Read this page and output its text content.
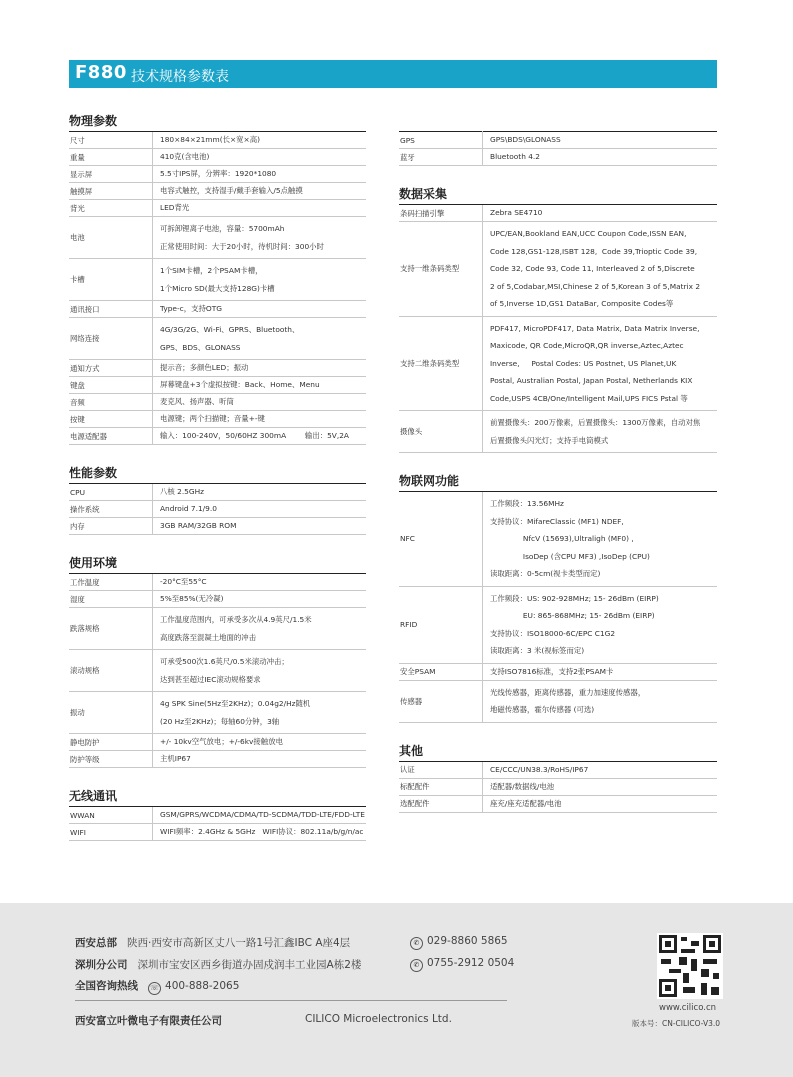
F880 技术规格参数表
物理参数
尺寸	180×84×21mm(长×宽×高)

重量	410克(含电池)

显示屏	5.5寸IPS屏，分辨率：1920*1080

触摸屏	电容式触控，支持湿手/戴手套输入/5点触摸

背光	LED背光

电池	可拆卸锂离子电池，容量：5700mAh
正常使用时间：大于20小时，待机时间：300小时

卡槽	1个SIM卡槽，2个PSAM卡槽，
1个Micro SD(最大支持128G)卡槽

通讯接口	Type-c，支持OTG

网络连接	4G/3G/2G、Wi-Fi、GPRS、Bluetooth、
GPS、BDS、GLONASS

通知方式	提示音；多颜色LED；振动

键盘	屏幕键盘+3个虚拟按键：Back、Home、Menu

音频	麦克风、扬声器、听筒

按键	电源键；两个扫描键；音量+-键

电源适配器	输入：100-240V，50/60HZ 300mA        输出：5V,2A
性能参数
CPU	八核 2.5GHz

操作系统	Android 7.1/9.0

内存	3GB RAM/32GB ROM
使用环境
工作温度	-20°C至55°C

湿度	5%至85%(无冷凝)

跌落规格	工作温度范围内，可承受多次从4.9英尺/1.5米
高度跌落至混凝土地面的冲击

滚动规格	可承受500次1.6英尺/0.5米滚动冲击；
达到甚至超过IEC滚动规格要求

振动	4g SPK Sine(5Hz至2KHz)；0.04g2/Hz随机
(20 Hz至2KHz)；每轴60分钟，3轴

静电防护	+/- 10kv空气放电；+/-6kv接触放电

防护等级	主机IP67
无线通讯
WWAN	GSM/GPRS/WCDMA/CDMA/TD-SCDMA/TDD-LTE/FDD-LTE

WIFI	WIFI频率：2.4GHz & 5GHz   WIFI协议：802.11a/b/g/n/ac
GPS	GPS\BDS\GLONASS

蓝牙	Bluetooth 4.2
数据采集
条码扫描引擎	Zebra SE4710

支持一维条码类型	UPC/EAN,Bookland EAN,UCC Coupon Code,ISSN EAN,
Code 128,GS1-128,ISBT 128,  Code 39,Trioptic Code 39,
Code 32, Code 93, Code 11, Interleaved 2 of 5,Discrete
2 of 5,Codabar,MSI,Chinese 2 of 5,Korean 3 of 5,Matrix 2
of 5,Inverse 1D,GS1 DataBar, Composite Codes等

支持二维条码类型	PDF417, MicroPDF417, Data Matrix, Data Matrix Inverse,
Maxicode, QR Code,MicroQR,QR inverse,Aztec,Aztec
Inverse,     Postal Codes: US Postnet, US Planet,UK
Postal, Australian Postal, Japan Postal, Netherlands KIX
Code,USPS 4CB/One/Intelligent Mail,UPS FICS Pstal 等

摄像头	前置摄像头：200万像素，后置摄像头：1300万像素，自动对焦
后置摄像头闪光灯；支持手电筒模式
物联网功能
NFC	工作频段：13.56MHz
支持协议：MifareClassic (MF1) NDEF,
NfcV (15693),Ultraligh (MF0) ,
IsoDep (含CPU MF3) ,IsoDep (CPU)
读取距离：0-5cm(视卡类型而定)

RFID	工作频段：US: 902-928MHz; 15- 26dBm (EIRP)
EU: 865-868MHz; 15- 26dBm (EIRP)
支持协议：ISO18000-6C/EPC C1G2
读取距离：3 米(视标签而定)

安全PSAM	支持ISO7816标准，支持2张PSAM卡

传感器	光线传感器，距离传感器，重力加速度传感器，
地磁传感器，霍尔传感器 (可选)
其他
认证	CE/CCC/UN38.3/RoHS/IP67

标配配件	适配器/数据线/电池

选配配件	座充/座充适配器/电池
西安总部 陕西·西安市高新区丈八一路1号汇鑫IBC A座4层	✆ 029-8860 5865
深圳分公司 深圳市宝安区西乡街道办固戍润丰工业园A栋2楼	✆ 0755-2912 0504
全国咨询热线 ☏ 400-888-2065
西安富立叶微电子有限责任公司	CILICO Microelectronics Ltd.
www.cilico.cn
版本号：CN-CILICO-V3.0
